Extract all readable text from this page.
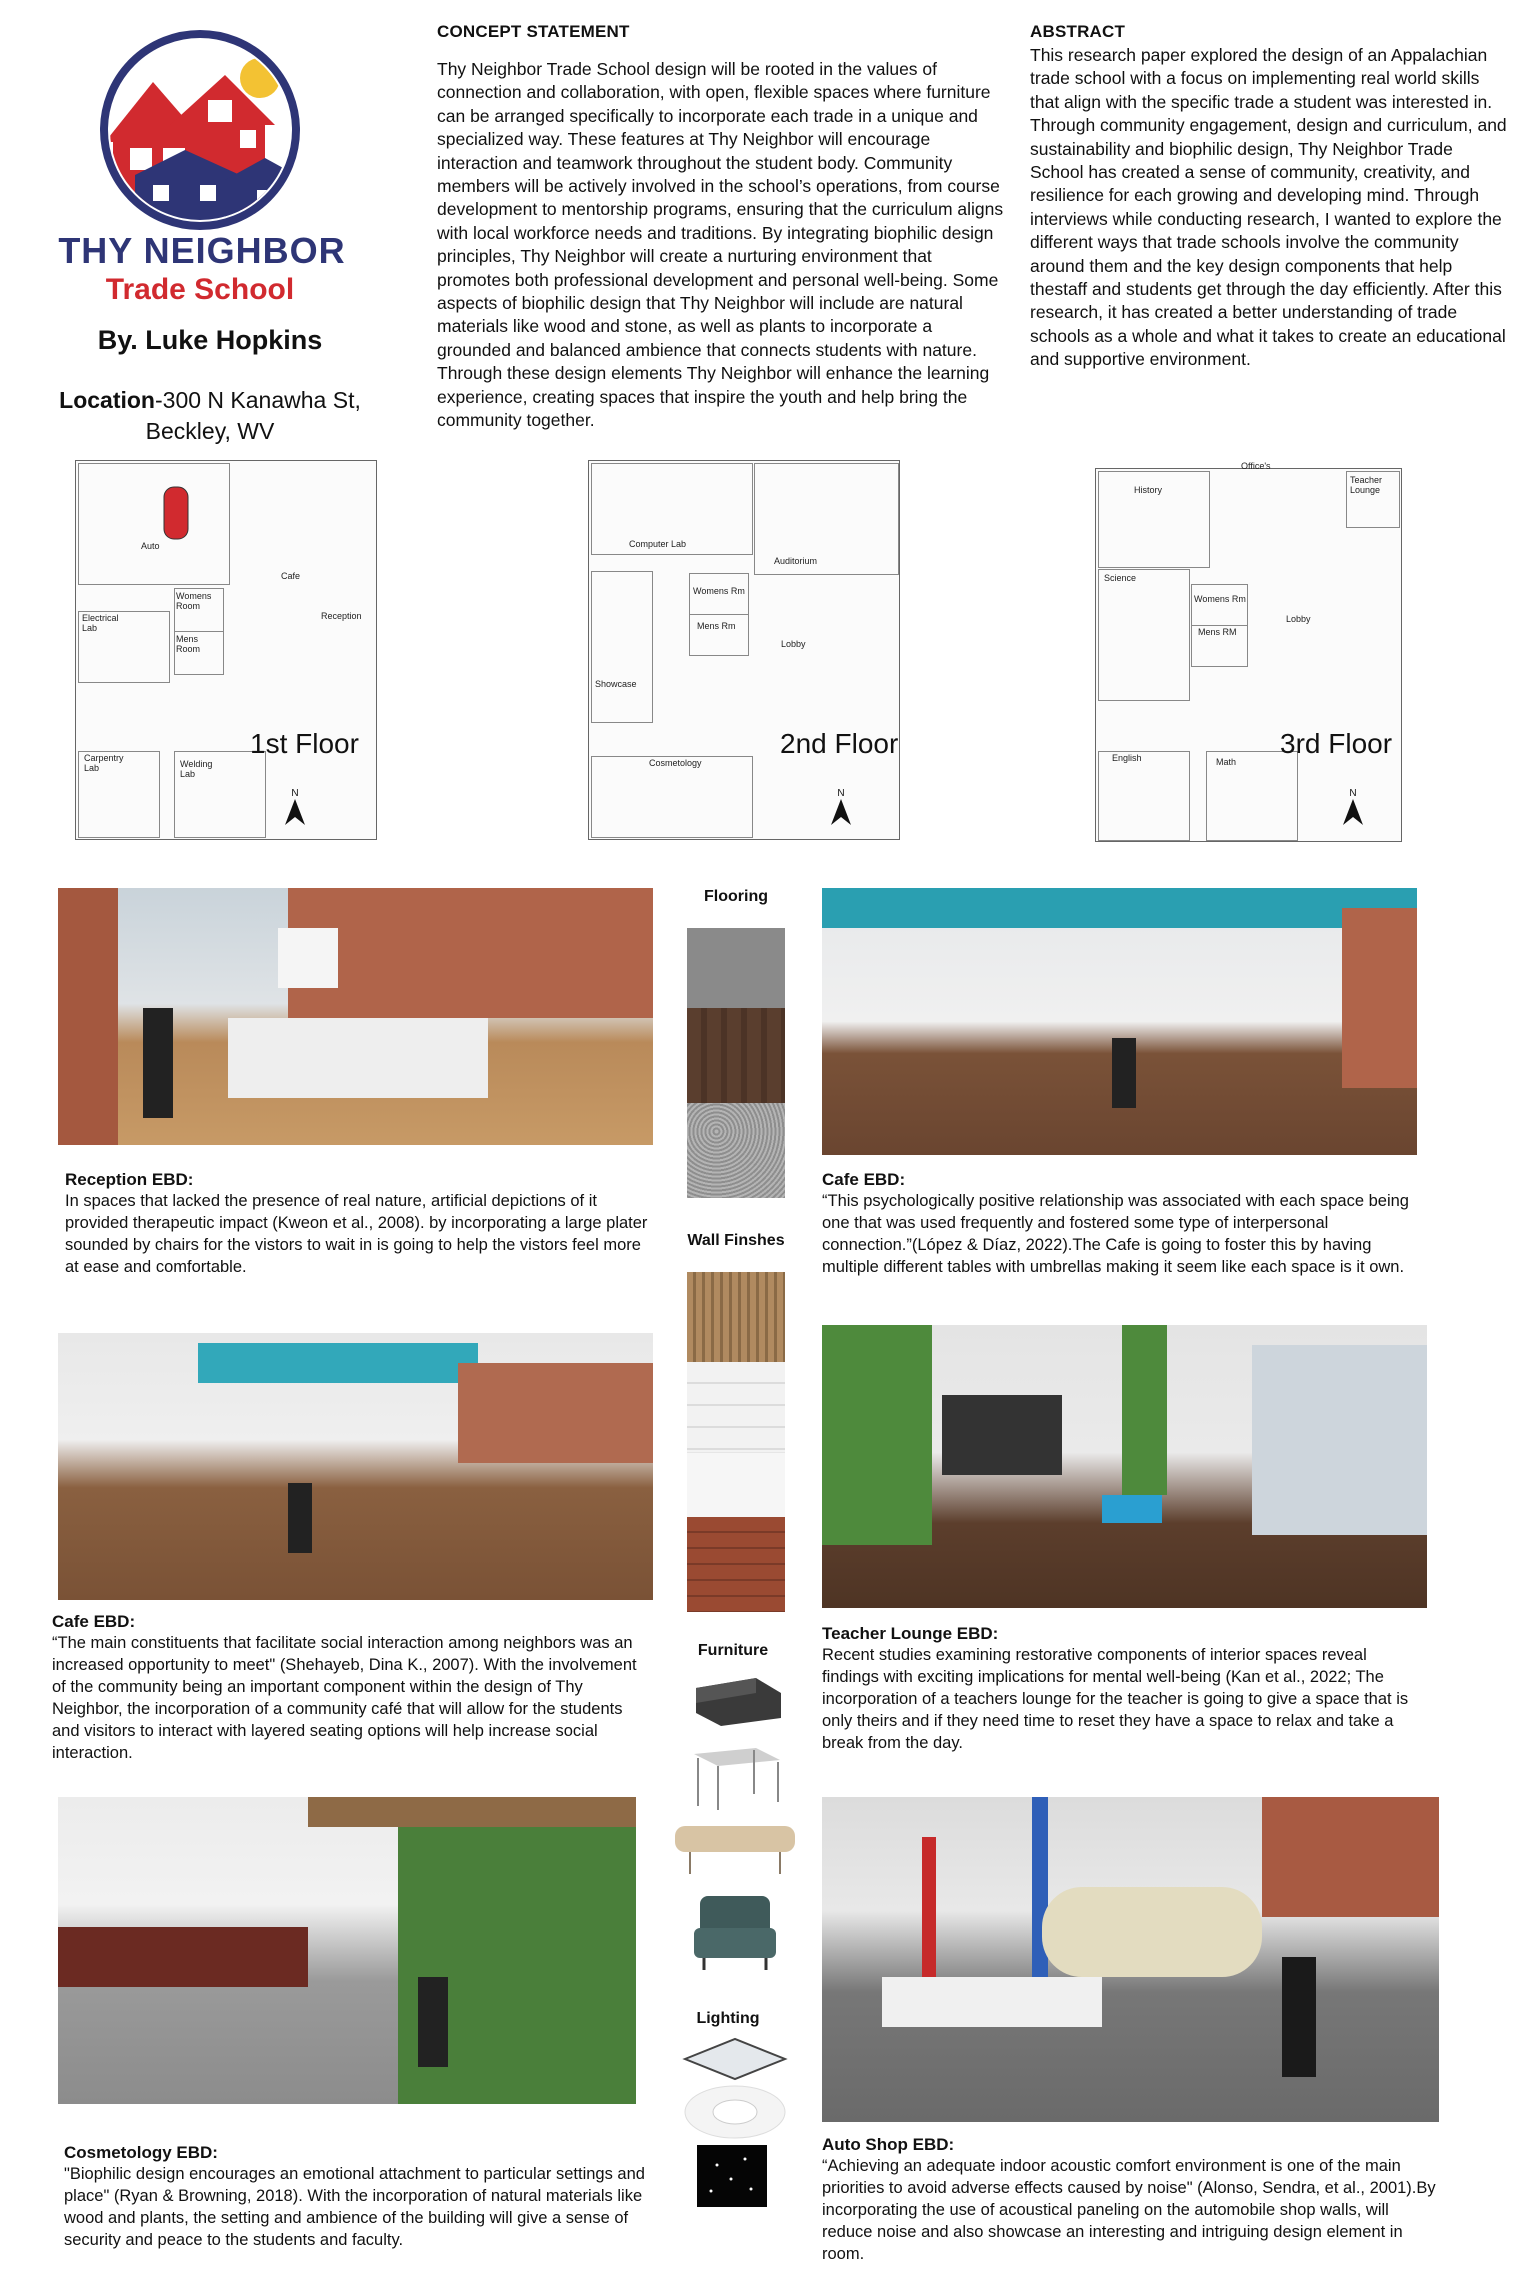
THY NEIGHBOR
Trade School
By. Luke Hopkins
Location-300 N Kanawha St,
Beckley, WV
CONCEPT STATEMENT
Thy Neighbor Trade School design will be rooted in the values of connection and collaboration, with open, flexible spaces where furniture can be arranged specifically to incorporate each trade in a unique and specialized way. These features at Thy Neighbor will encourage interaction and teamwork throughout the student body. Community members will be actively involved in the school’s operations, from course development to mentorship programs, ensuring that the curriculum aligns with local workforce needs and traditions. By integrating biophilic design principles, Thy Neighbor will create a nurturing environment that promotes both professional development and personal well-being. Some aspects of biophilic design that Thy Neighbor will include are natural materials like wood and stone, as well as plants to incorporate a grounded and balanced ambience that connects students with nature. Through these design elements Thy Neighbor will enhance the learning experience, creating spaces that inspire the youth and help bring the community together.
ABSTRACT
This research paper explored the design of an Appalachian trade school with a focus on implementing real world skills that align with the specific trade a student was interested in. Through community engagement, design and curriculum, and sustainability and biophilic design, Thy Neighbor Trade School has created a sense of community, creativity, and resilience for each growing and developing mind. Through interviews while conducting research, I wanted to explore the different ways that trade schools involve the community around them and the key design components that help thestaff and students get through the day efficiently. After this research, it has created a better understanding of trade schools as a whole and what it takes to create an educational and supportive environment.
Auto
Cafe
Womens Room
Electrical Lab
Mens Room
Reception
Carpentry Lab	Welding Lab
1st Floor
N
Computer Lab
Auditorium
Womens Rm
Mens Rm
Lobby
Showcase
Cosmetology
2nd Floor
N
Office's
History
Teacher Lounge
Science
Womens Rm
Lobby
Mens RM
English	Math
3rd Floor
N
Flooring
Wall Finshes
Furniture
Lighting
Reception EBD:
In spaces that lacked the presence of real nature, artificial depictions of it provided therapeutic impact (Kweon et al., 2008). by incorporating a large plater sounded by chairs for the vistors to wait in is going to help the vistors feel more at ease and comfortable.
Cafe EBD:
“This psychologically positive relationship was associated with each space being one that was used frequently and fostered some type of interpersonal connection.”(López & Díaz, 2022).The Cafe is going to foster this by having multiple different tables with umbrellas making it seem like each space is it own.
Cafe EBD:
“The main constituents that facilitate social interaction among neighbors was an increased opportunity to meet" (Shehayeb, Dina K., 2007). With the involvement of the community being an important component within the design of Thy Neighbor, the incorporation of a community café that will allow for the students and visitors to interact with layered seating options will help increase social interaction.
Teacher Lounge EBD:
Recent studies examining restorative components of interior spaces reveal findings with exciting implications for mental well-being (Kan et al., 2022; The incorporation of a teachers lounge for the teacher is going to give a space that is only theirs and if they need time to reset they have a space to relax and take a break from the day.
Cosmetology EBD:
"Biophilic design encourages an emotional attachment to particular settings and place" (Ryan & Browning, 2018). With the incorporation of natural materials like wood and plants, the setting and ambience of the building will give a sense of security and peace to the students and faculty.
Auto Shop EBD:
“Achieving an adequate indoor acoustic comfort environment is one of the main priorities to avoid adverse effects caused by noise" (Alonso, Sendra, et al., 2001).By incorporating the use of acoustical paneling on the automobile shop walls, will reduce noise and also showcase an interesting and intriguing design element in room.
